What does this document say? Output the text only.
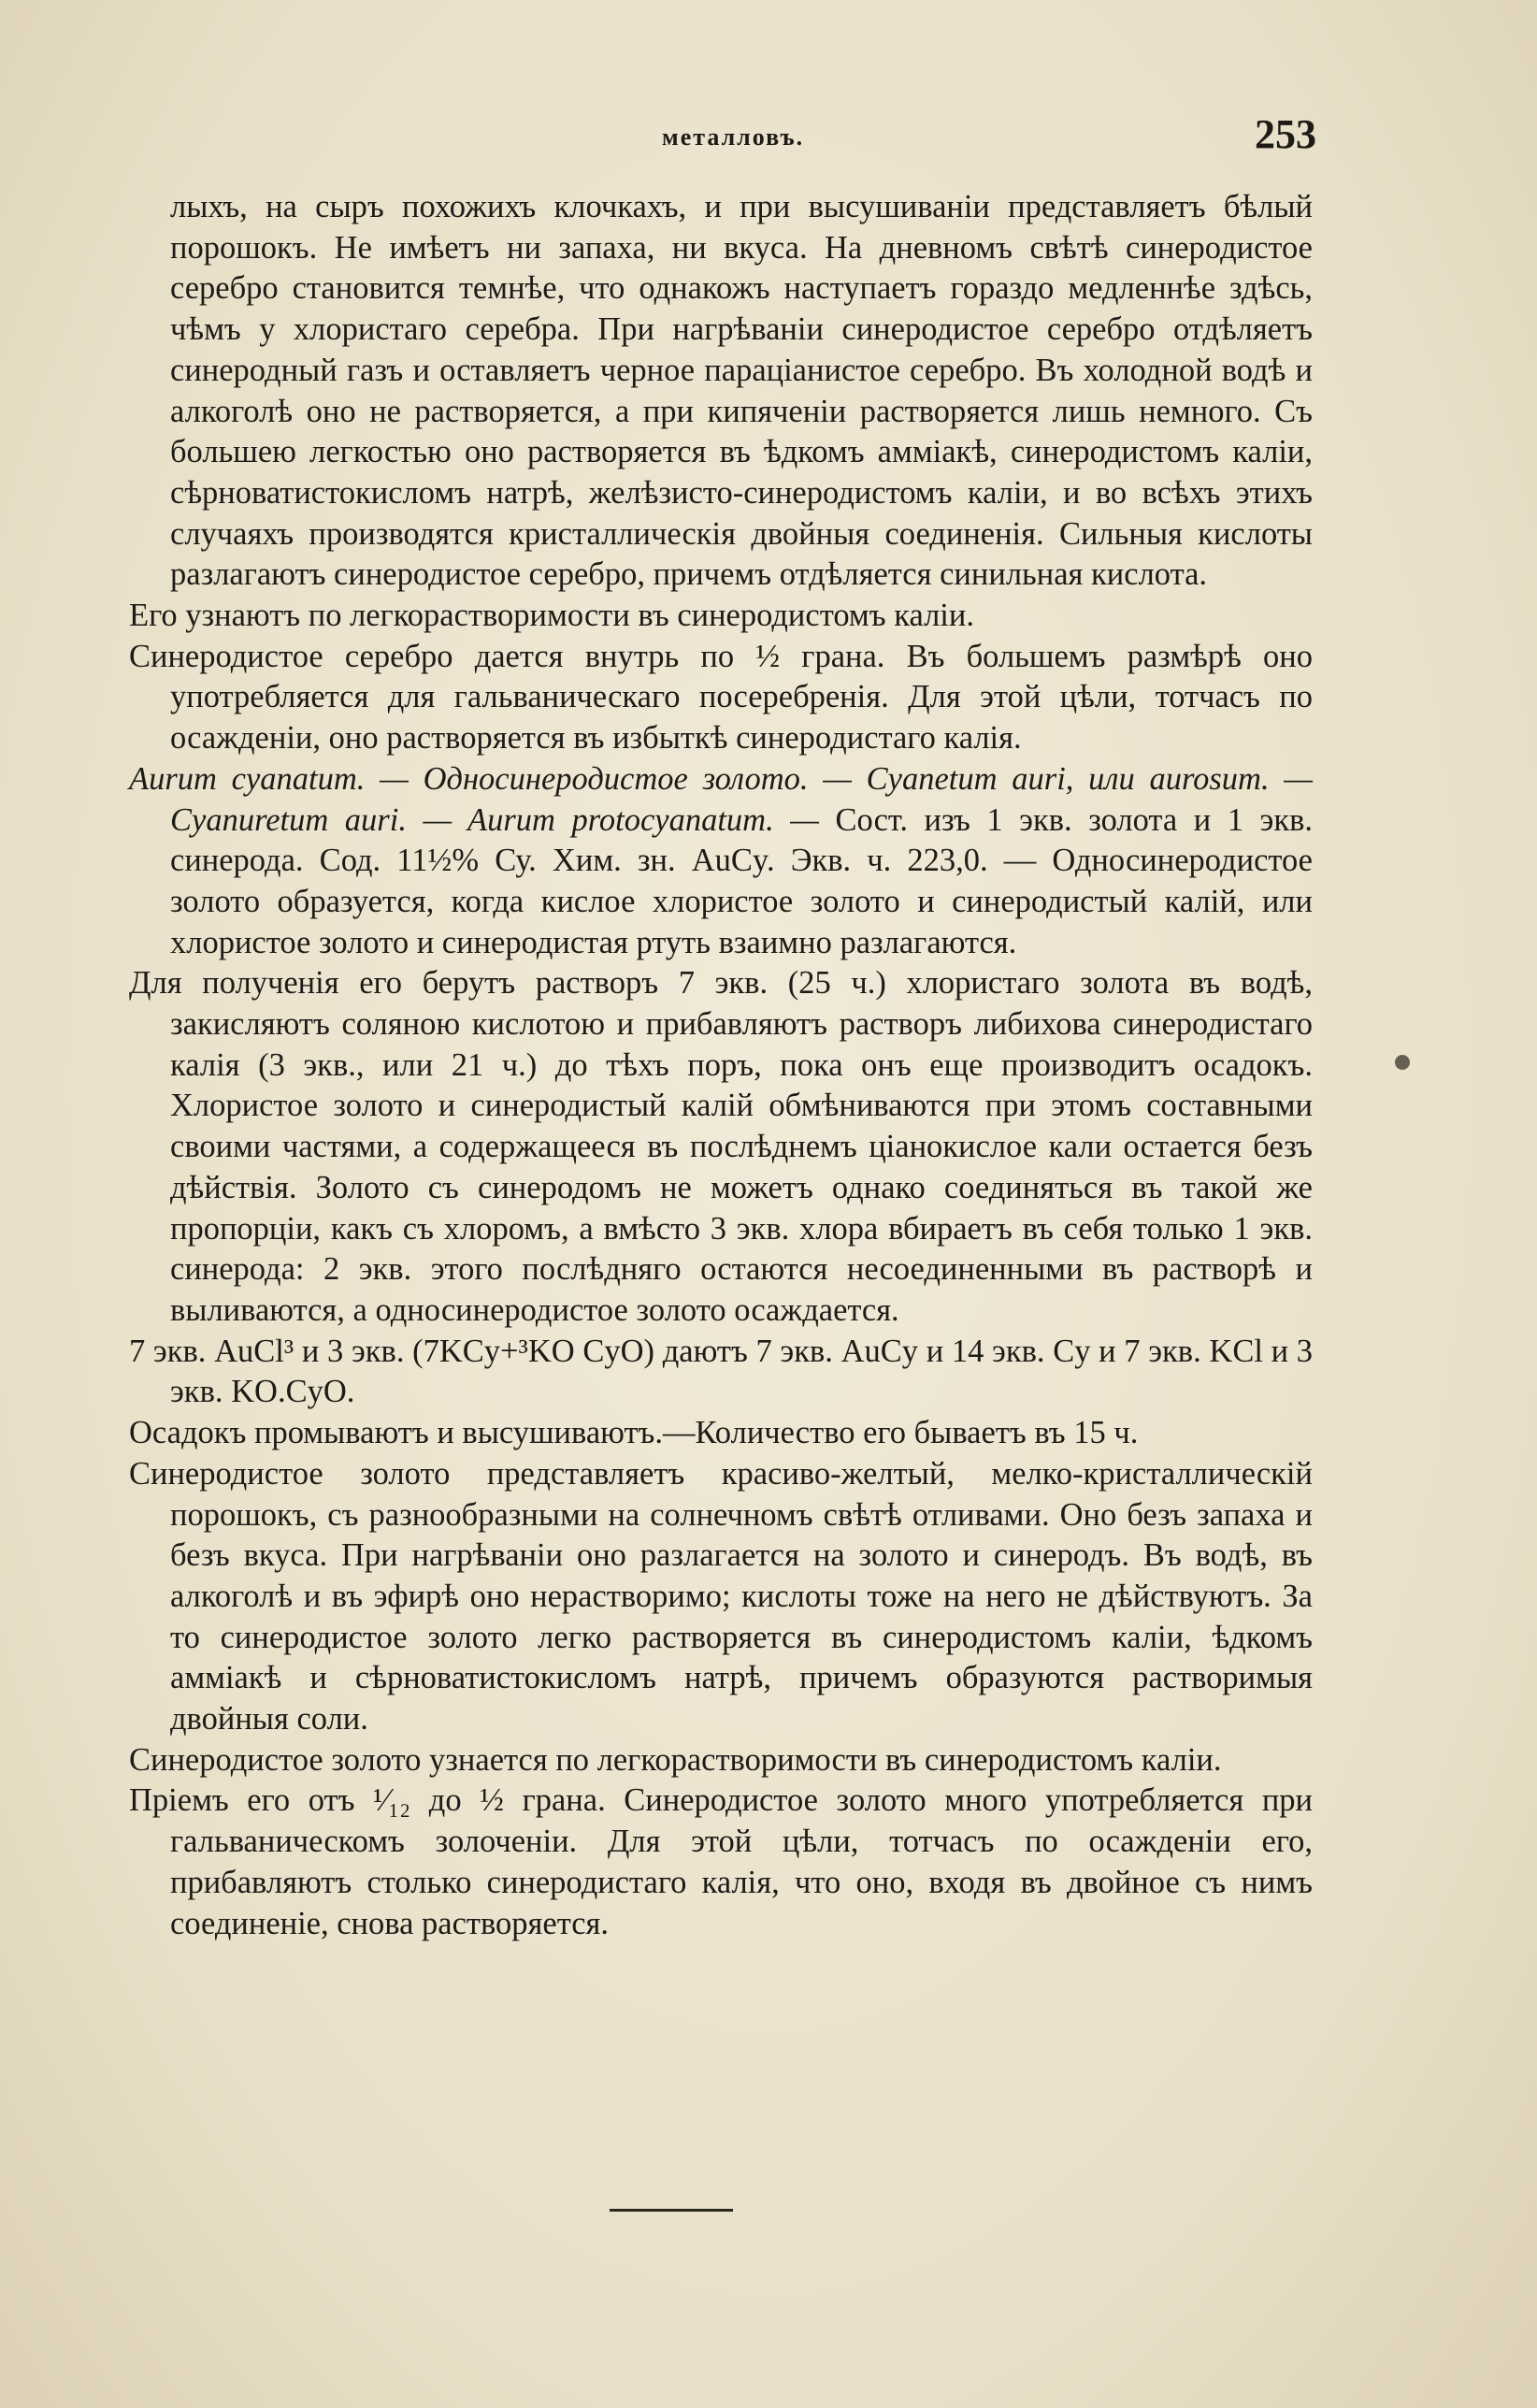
металловъ.	253

лыхъ, на сыръ похожихъ клочкахъ, и при высушиваніи представляетъ бѣлый порошокъ. Не имѣетъ ни запаха, ни вкуса. На дневномъ свѣтѣ синеродистое серебро становится темнѣе, что однакожъ наступаетъ гораздо медленнѣе здѣсь, чѣмъ у хлористаго серебра. При нагрѣваніи синеродистое серебро отдѣляетъ синеродный газъ и оставляетъ черное параціанистое серебро. Въ холодной водѣ и алкоголѣ оно не растворяется, а при кипяченіи растворяется лишь немного. Съ большею легкостью оно растворяется въ ѣдкомъ амміакѣ, синеродистомъ каліи, сѣрноватистокисломъ натрѣ, желѣзисто-синеродистомъ каліи, и во всѣхъ этихъ случаяхъ производятся кристаллическія двойныя соединенія. Сильныя кислоты разлагаютъ синеродистое серебро, причемъ отдѣляется синильная кислота.

Его узнаютъ по легкорастворимости въ синеродистомъ каліи.

Синеродистое серебро дается внутрь по ½ грана. Въ большемъ размѣрѣ оно употребляется для гальваническаго посеребренія. Для этой цѣли, тотчасъ по осажденіи, оно растворяется въ избыткѣ синеродистаго калія.

Aurum cyanatum. — Односинеродистое золото. — Cyanetum auri, или aurosum. — Cyanuretum auri. — Aurum protocyanatum. — Сост. изъ 1 экв. золота и 1 экв. синерода. Сод. 11½% Су. Хим. зн. AuCy. Экв. ч. 223,0. — Односинеродистое золото образуется, когда кислое хлористое золото и синеродистый калій, или хлористое золото и синеродистая ртуть взаимно разлагаются.

Для полученія его берутъ растворъ 7 экв. (25 ч.) хлористаго золота въ водѣ, закисляютъ соляною кислотою и прибавляютъ растворъ либихова синеродистаго калія (3 экв., или 21 ч.) до тѣхъ поръ, пока онъ еще производитъ осадокъ. Хлористое золото и синеродистый калій обмѣниваются при этомъ составными своими частями, а содержащееся въ послѣднемъ ціанокислое кали остается безъ дѣйствія. Золото съ синеродомъ не можетъ однако соединяться въ такой же пропорціи, какъ съ хлоромъ, а вмѣсто 3 экв. хлора вбираетъ въ себя только 1 экв. синерода: 2 экв. этого послѣдняго остаются несоединенными въ растворѣ и выливаются, а односинеродистое золото осаждается.

7 экв. AuCl³ и 3 экв. (7KCy+³KO CyO) даютъ 7 экв. AuCy и 14 экв. Cy и 7 экв. KCl и 3 экв. KO.CyO.

Осадокъ промываютъ и высушиваютъ.—Количество его бываетъ въ 15 ч.

Синеродистое золото представляетъ красиво-желтый, мелко-кристаллическій порошокъ, съ разнообразными на солнечномъ свѣтѣ отливами. Оно безъ запаха и безъ вкуса. При нагрѣваніи оно разлагается на золото и синеродъ. Въ водѣ, въ алкоголѣ и въ эфирѣ оно нерастворимо; кислоты тоже на него не дѣйствуютъ. За то синеродистое золото легко растворяется въ синеродистомъ каліи, ѣдкомъ амміакѣ и сѣрноватистокисломъ натрѣ, причемъ образуются растворимыя двойныя соли.

Синеродистое золото узнается по легкорастворимости въ синеродистомъ каліи.

Пріемъ его отъ ¹⁄₁₂ до ½ грана. Синеродистое золото много употребляется при гальваническомъ золоченіи. Для этой цѣли, тотчасъ по осажденіи его, прибавляютъ столько синеродистаго калія, что оно, входя въ двойное съ нимъ соединеніе, снова растворяется.
